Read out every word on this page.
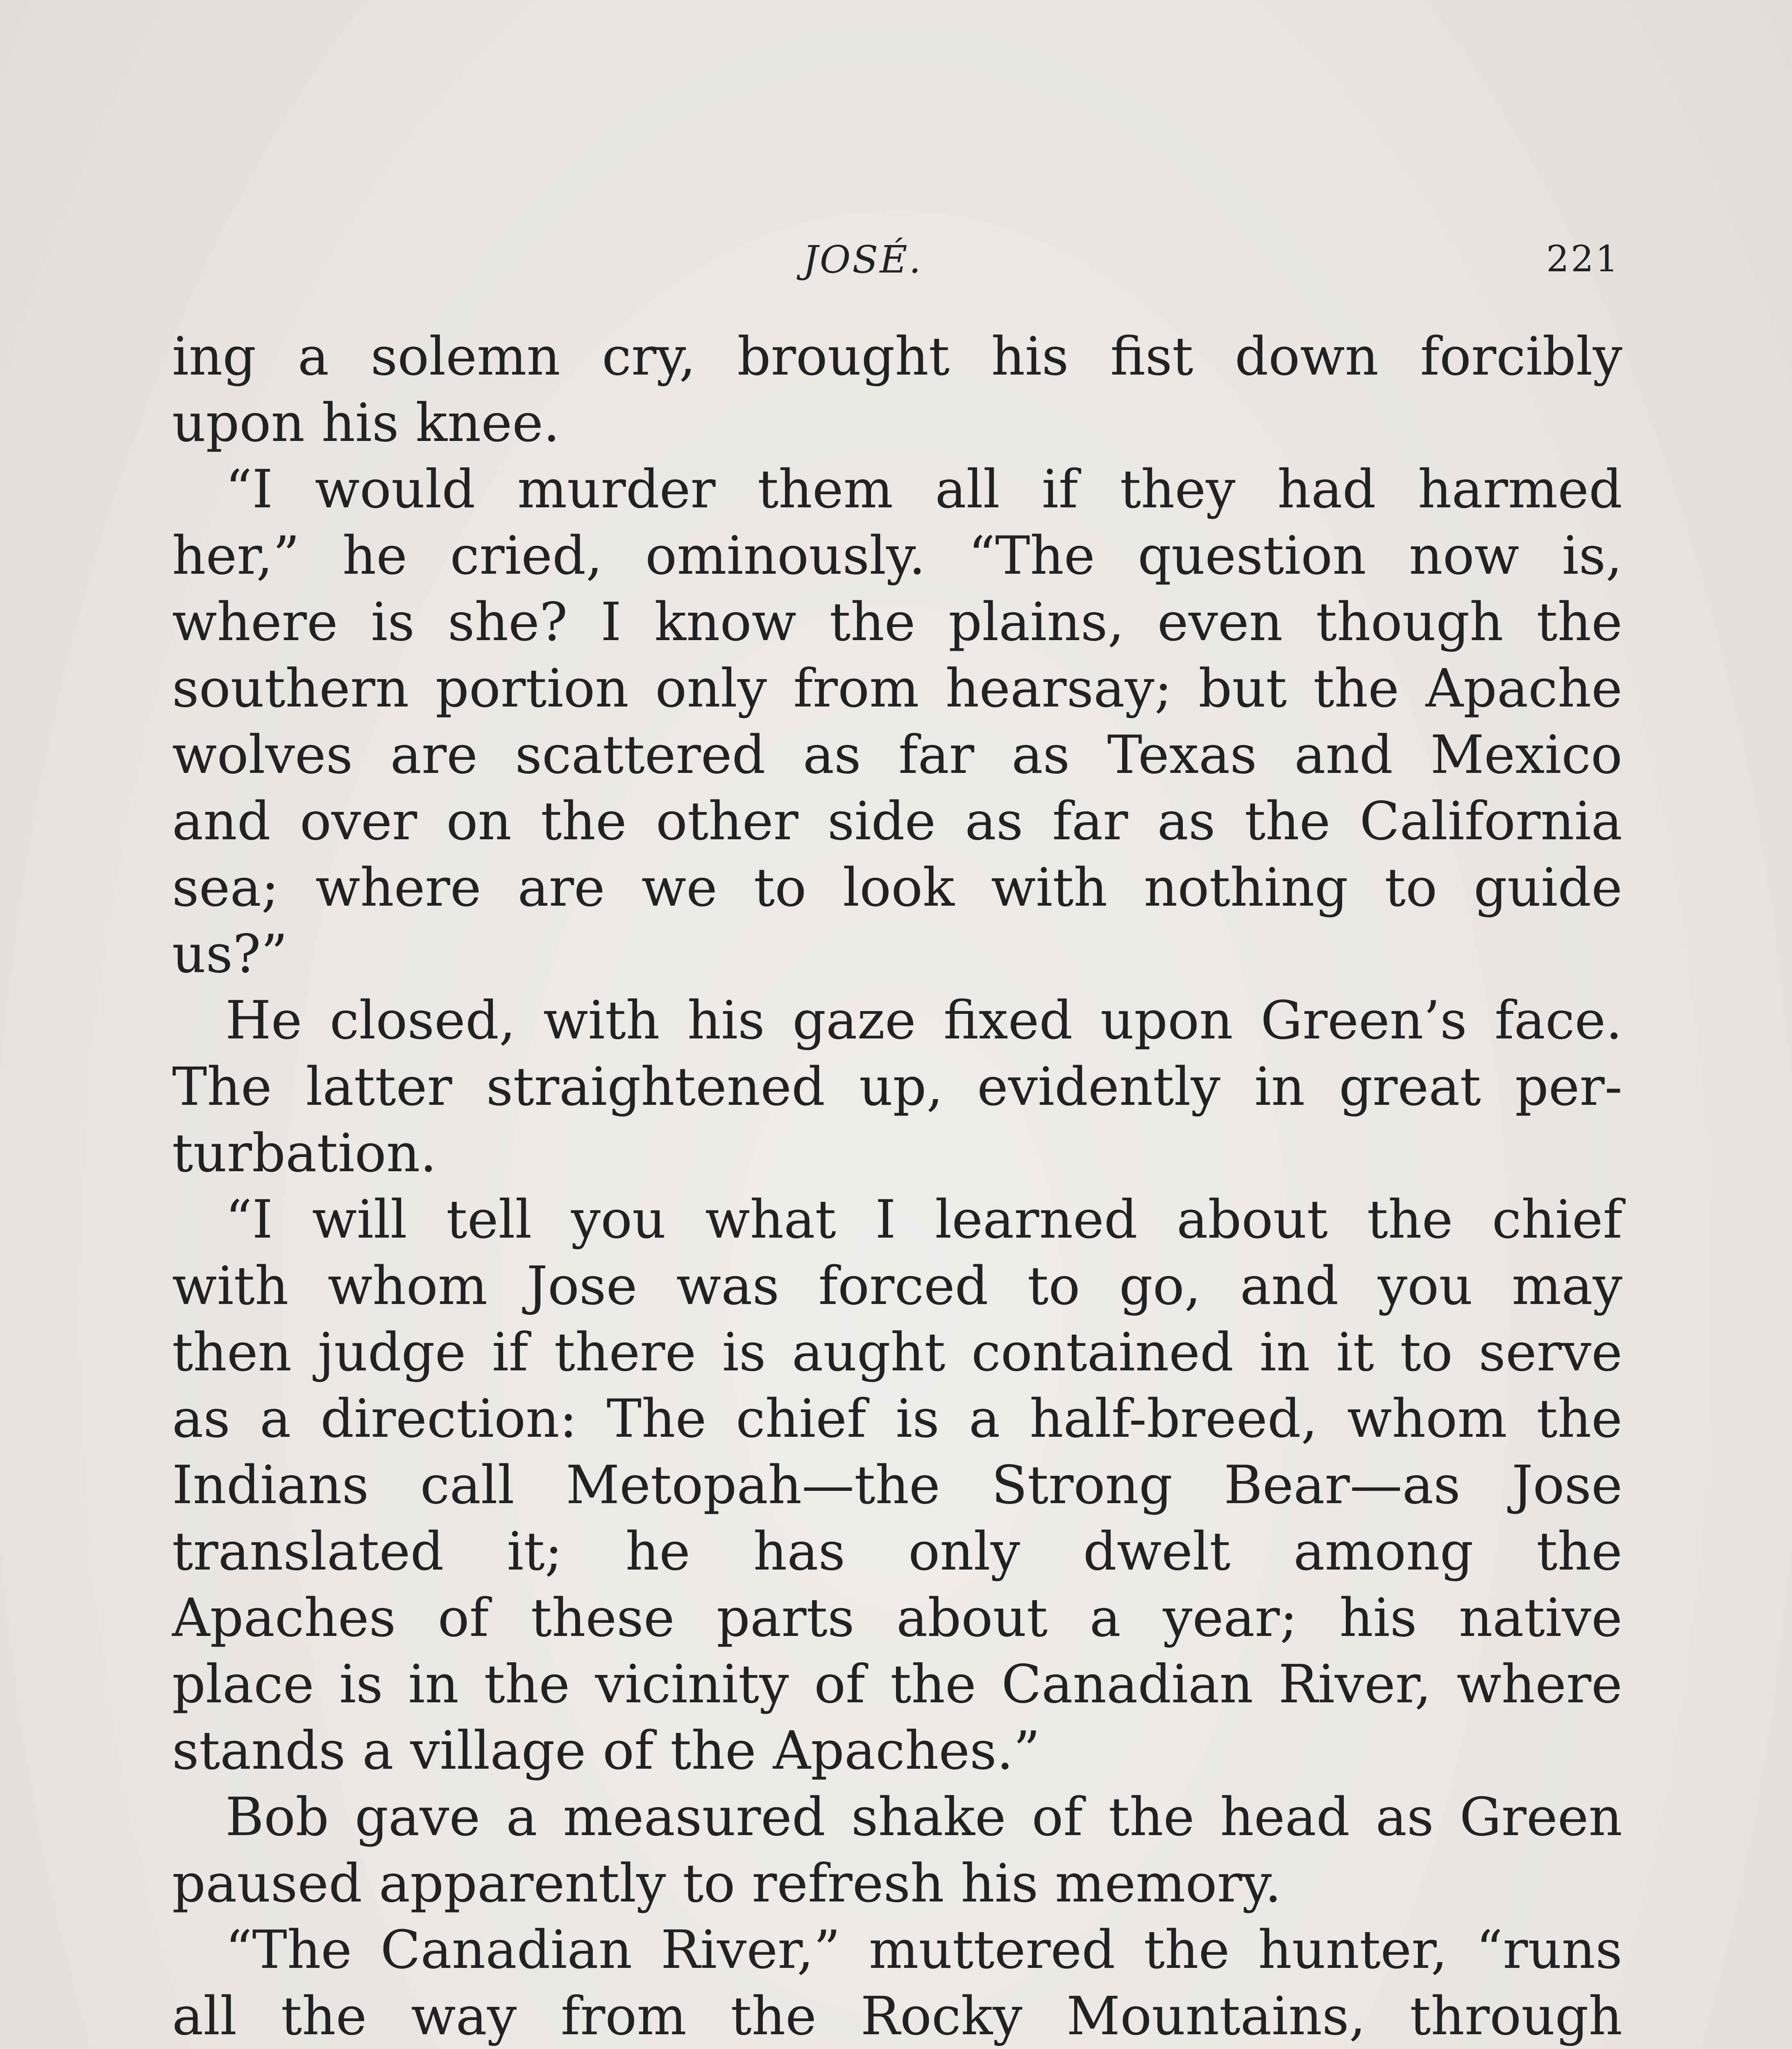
JOSÉ.	221
ing a solemn cry, brought his fist down forcibly
upon his knee.
“I would murder them all if they had harmed
her,” he cried, ominously. “The question now is,
where is she? I know the plains, even though the
southern portion only from hearsay; but the Apache
wolves are scattered as far as Texas and Mexico
and over on the other side as far as the California
sea; where are we to look with nothing to guide
us?”
He closed, with his gaze fixed upon Green’s face.
The latter straightened up, evidently in great per-
turbation.
“I will tell you what I learned about the chief
with whom Jose was forced to go, and you may
then judge if there is aught contained in it to serve
as a direction: The chief is a half-breed, whom the
Indians call Metopah—the Strong Bear—as Jose
translated it; he has only dwelt among the
Apaches of these parts about a year; his native
place is in the vicinity of the Canadian River, where
stands a village of the Apaches.”
Bob gave a measured shake of the head as Green
paused apparently to refresh his memory.
“The Canadian River,” muttered the hunter, “runs
all the way from the Rocky Mountains, through
